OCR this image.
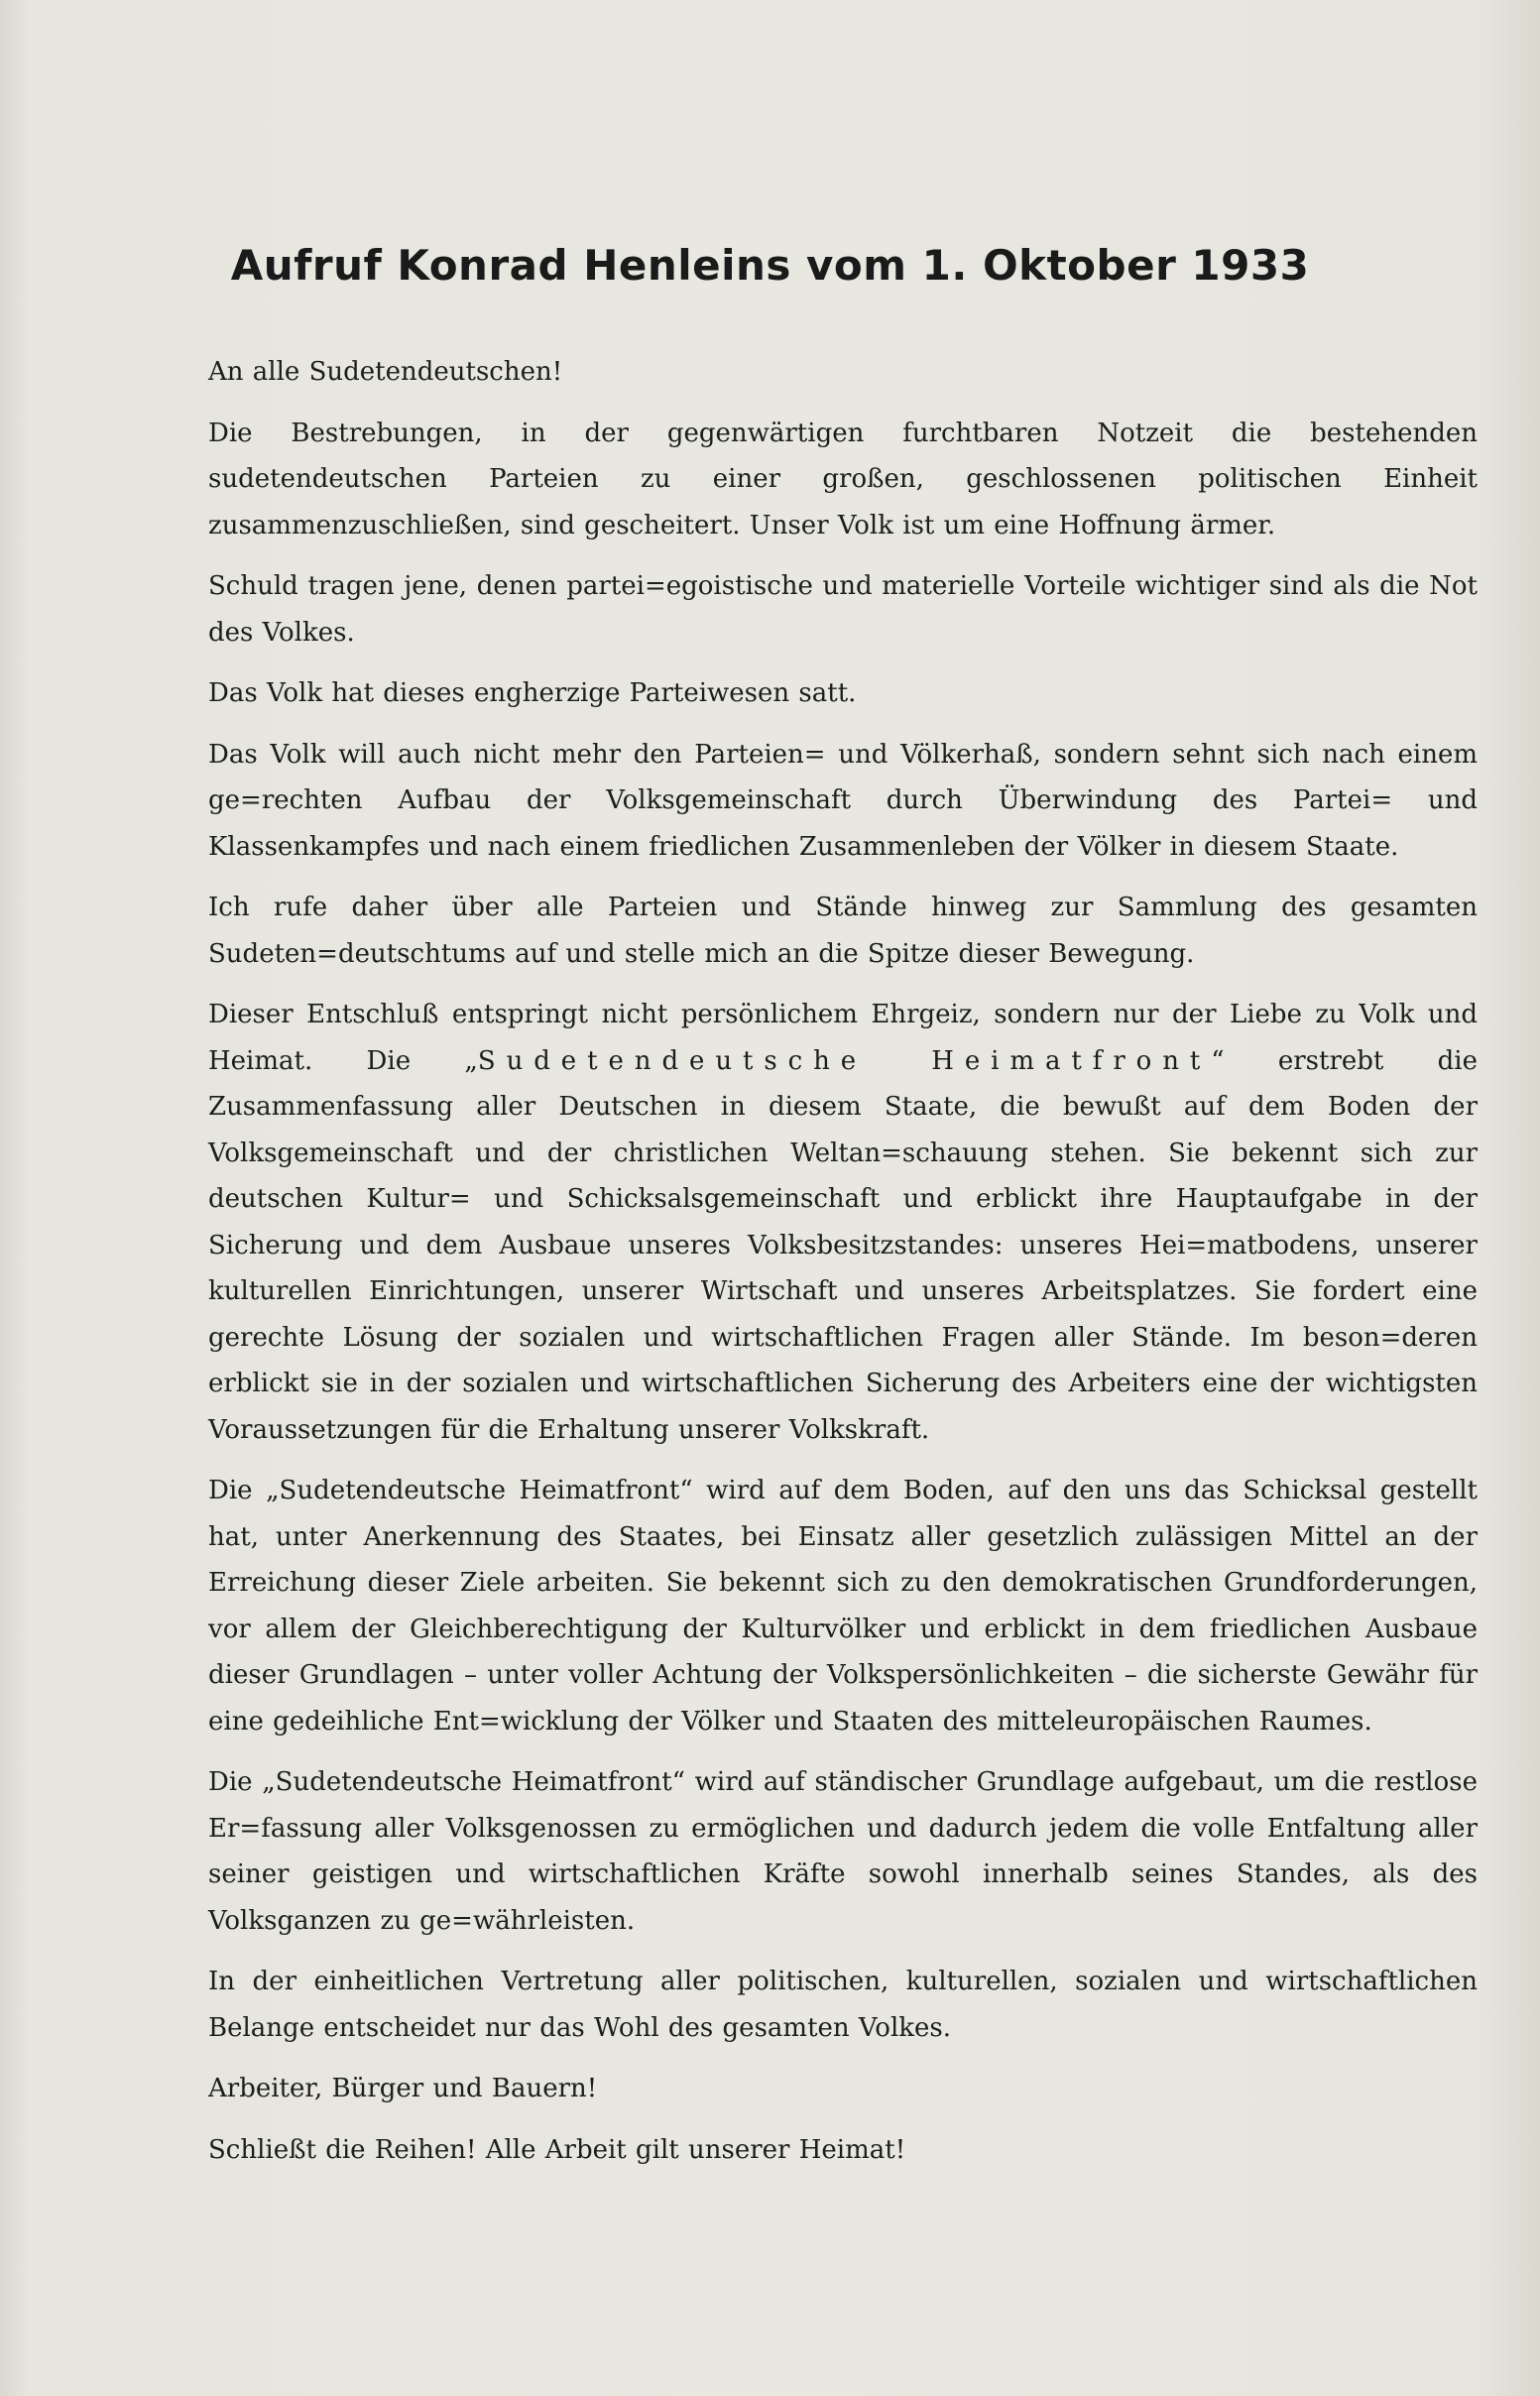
Aufruf Konrad Henleins vom 1. Oktober 1933

An alle Sudetendeutschen!

Die Bestrebungen, in der gegenwärtigen furchtbaren Notzeit die bestehenden sudetendeutschen Parteien zu einer großen, geschlossenen politischen Einheit zusammenzuschließen, sind gescheitert. Unser Volk ist um eine Hoffnung ärmer.

Schuld tragen jene, denen partei=egoistische und materielle Vorteile wichtiger sind als die Not des Volkes.

Das Volk hat dieses engherzige Parteiwesen satt.

Das Volk will auch nicht mehr den Parteien= und Völkerhaß, sondern sehnt sich nach einem ge=rechten Aufbau der Volksgemeinschaft durch Überwindung des Partei= und Klassenkampfes und nach einem friedlichen Zusammenleben der Völker in diesem Staate.

Ich rufe daher über alle Parteien und Stände hinweg zur Sammlung des gesamten Sudeten=deutschtums auf und stelle mich an die Spitze dieser Bewegung.

Dieser Entschluß entspringt nicht persönlichem Ehrgeiz, sondern nur der Liebe zu Volk und Heimat. Die „Sudetendeutsche Heimatfront“ erstrebt die Zusammenfassung aller Deutschen in diesem Staate, die bewußt auf dem Boden der Volksgemeinschaft und der christlichen Weltan=schauung stehen. Sie bekennt sich zur deutschen Kultur= und Schicksalsgemeinschaft und erblickt ihre Hauptaufgabe in der Sicherung und dem Ausbaue unseres Volksbesitzstandes: unseres Hei=matbodens, unserer kulturellen Einrichtungen, unserer Wirtschaft und unseres Arbeitsplatzes. Sie fordert eine gerechte Lösung der sozialen und wirtschaftlichen Fragen aller Stände. Im beson=deren erblickt sie in der sozialen und wirtschaftlichen Sicherung des Arbeiters eine der wichtigsten Voraussetzungen für die Erhaltung unserer Volkskraft.

Die „Sudetendeutsche Heimatfront“ wird auf dem Boden, auf den uns das Schicksal gestellt hat, unter Anerkennung des Staates, bei Einsatz aller gesetzlich zulässigen Mittel an der Erreichung dieser Ziele arbeiten. Sie bekennt sich zu den demokratischen Grundforderungen, vor allem der Gleichberechtigung der Kulturvölker und erblickt in dem friedlichen Ausbaue dieser Grundlagen – unter voller Achtung der Volkspersönlichkeiten – die sicherste Gewähr für eine gedeihliche Ent=wicklung der Völker und Staaten des mitteleuropäischen Raumes.

Die „Sudetendeutsche Heimatfront“ wird auf ständischer Grundlage aufgebaut, um die restlose Er=fassung aller Volksgenossen zu ermöglichen und dadurch jedem die volle Entfaltung aller seiner geistigen und wirtschaftlichen Kräfte sowohl innerhalb seines Standes, als des Volksganzen zu ge=währleisten.

In der einheitlichen Vertretung aller politischen, kulturellen, sozialen und wirtschaftlichen Belange entscheidet nur das Wohl des gesamten Volkes.

Arbeiter, Bürger und Bauern!

Schließt die Reihen! Alle Arbeit gilt unserer Heimat!
